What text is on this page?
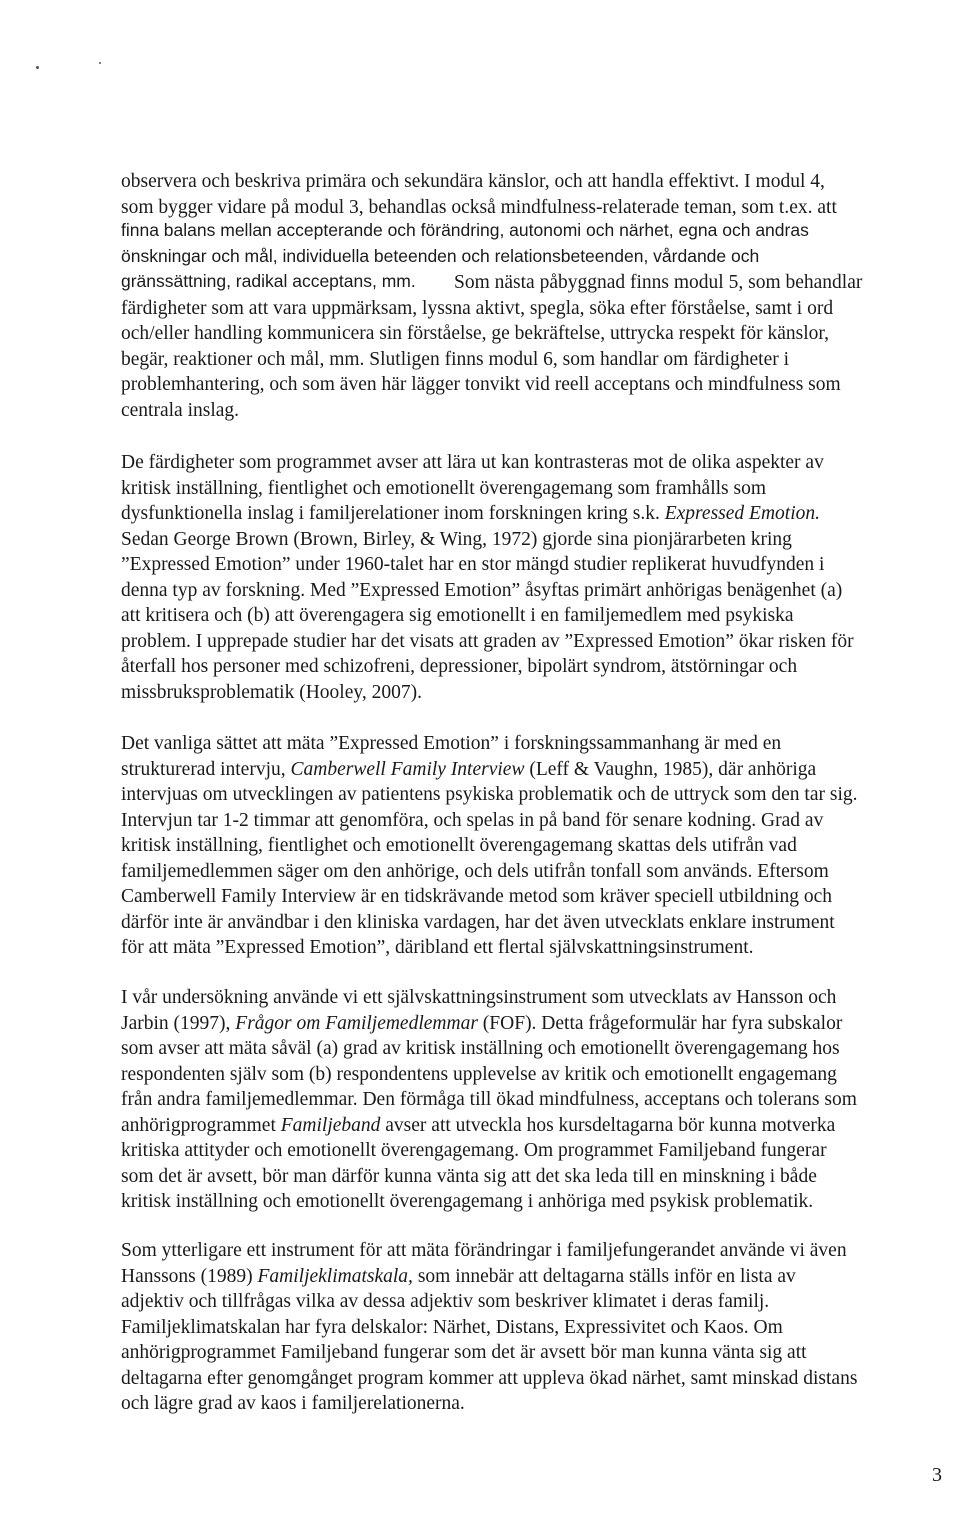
observera och beskriva primära och sekundära känslor, och att handla effektivt. I modul 4,
som bygger vidare på modul 3, behandlas också mindfulness-relaterade teman, som t.ex. att
finna balans mellan accepterande och förändring, autonomi och närhet, egna och andras
önskningar och mål, individuella beteenden och relationsbeteenden, vårdande och
gränssättning, radikal acceptans, mm.	Som nästa påbyggnad finns modul 5, som behandlar
färdigheter som att vara uppmärksam, lyssna aktivt, spegla, söka efter förståelse, samt i ord
och/eller handling kommunicera sin förståelse, ge bekräftelse, uttrycka respekt för känslor,
begär, reaktioner och mål, mm. Slutligen finns modul 6, som handlar om färdigheter i
problemhantering, och som även här lägger tonvikt vid reell acceptans och mindfulness som
centrala inslag.
De färdigheter som programmet avser att lära ut kan kontrasteras mot de olika aspekter av
kritisk inställning, fientlighet och emotionellt överengagemang som framhålls som
dysfunktionella inslag i familjerelationer inom forskningen kring s.k. Expressed Emotion.
Sedan George Brown (Brown, Birley, & Wing, 1972) gjorde sina pionjärarbeten kring
”Expressed Emotion” under 1960-talet har en stor mängd studier replikerat huvudfynden i
denna typ av forskning. Med ”Expressed Emotion” åsyftas primärt anhörigas benägenhet (a)
att kritisera och (b) att överengagera sig emotionellt i en familjemedlem med psykiska
problem. I upprepade studier har det visats att graden av ”Expressed Emotion” ökar risken för
återfall hos personer med schizofreni, depressioner, bipolärt syndrom, ätstörningar och
missbruksproblematik (Hooley, 2007).
Det vanliga sättet att mäta ”Expressed Emotion” i forskningssammanhang är med en
strukturerad intervju, Camberwell Family Interview (Leff & Vaughn, 1985), där anhöriga
intervjuas om utvecklingen av patientens psykiska problematik och de uttryck som den tar sig.
Intervjun tar 1-2 timmar att genomföra, och spelas in på band för senare kodning. Grad av
kritisk inställning, fientlighet och emotionellt överengagemang skattas dels utifrån vad
familjemedlemmen säger om den anhörige, och dels utifrån tonfall som används. Eftersom
Camberwell Family Interview är en tidskrävande metod som kräver speciell utbildning och
därför inte är användbar i den kliniska vardagen, har det även utvecklats enklare instrument
för att mäta ”Expressed Emotion”, däribland ett flertal självskattningsinstrument.
I vår undersökning använde vi ett självskattningsinstrument som utvecklats av Hansson och
Jarbin (1997), Frågor om Familjemedlemmar (FOF). Detta frågeformulär har fyra subskalor
som avser att mäta såväl (a) grad av kritisk inställning och emotionellt överengagemang hos
respondenten själv som (b) respondentens upplevelse av kritik och emotionellt engagemang
från andra familjemedlemmar. Den förmåga till ökad mindfulness, acceptans och tolerans som
anhörigprogrammet Familjeband avser att utveckla hos kursdeltagarna bör kunna motverka
kritiska attityder och emotionellt överengagemang. Om programmet Familjeband fungerar
som det är avsett, bör man därför kunna vänta sig att det ska leda till en minskning i både
kritisk inställning och emotionellt överengagemang i anhöriga med psykisk problematik.
Som ytterligare ett instrument för att mäta förändringar i familjefungerandet använde vi även
Hanssons (1989) Familjeklimatskala, som innebär att deltagarna ställs inför en lista av
adjektiv och tillfrågas vilka av dessa adjektiv som beskriver klimatet i deras familj.
Familjeklimatskalan har fyra delskalor: Närhet, Distans, Expressivitet och Kaos. Om
anhörigprogrammet Familjeband fungerar som det är avsett bör man kunna vänta sig att
deltagarna efter genomgånget program kommer att uppleva ökad närhet, samt minskad distans
och lägre grad av kaos i familjerelationerna.
3
